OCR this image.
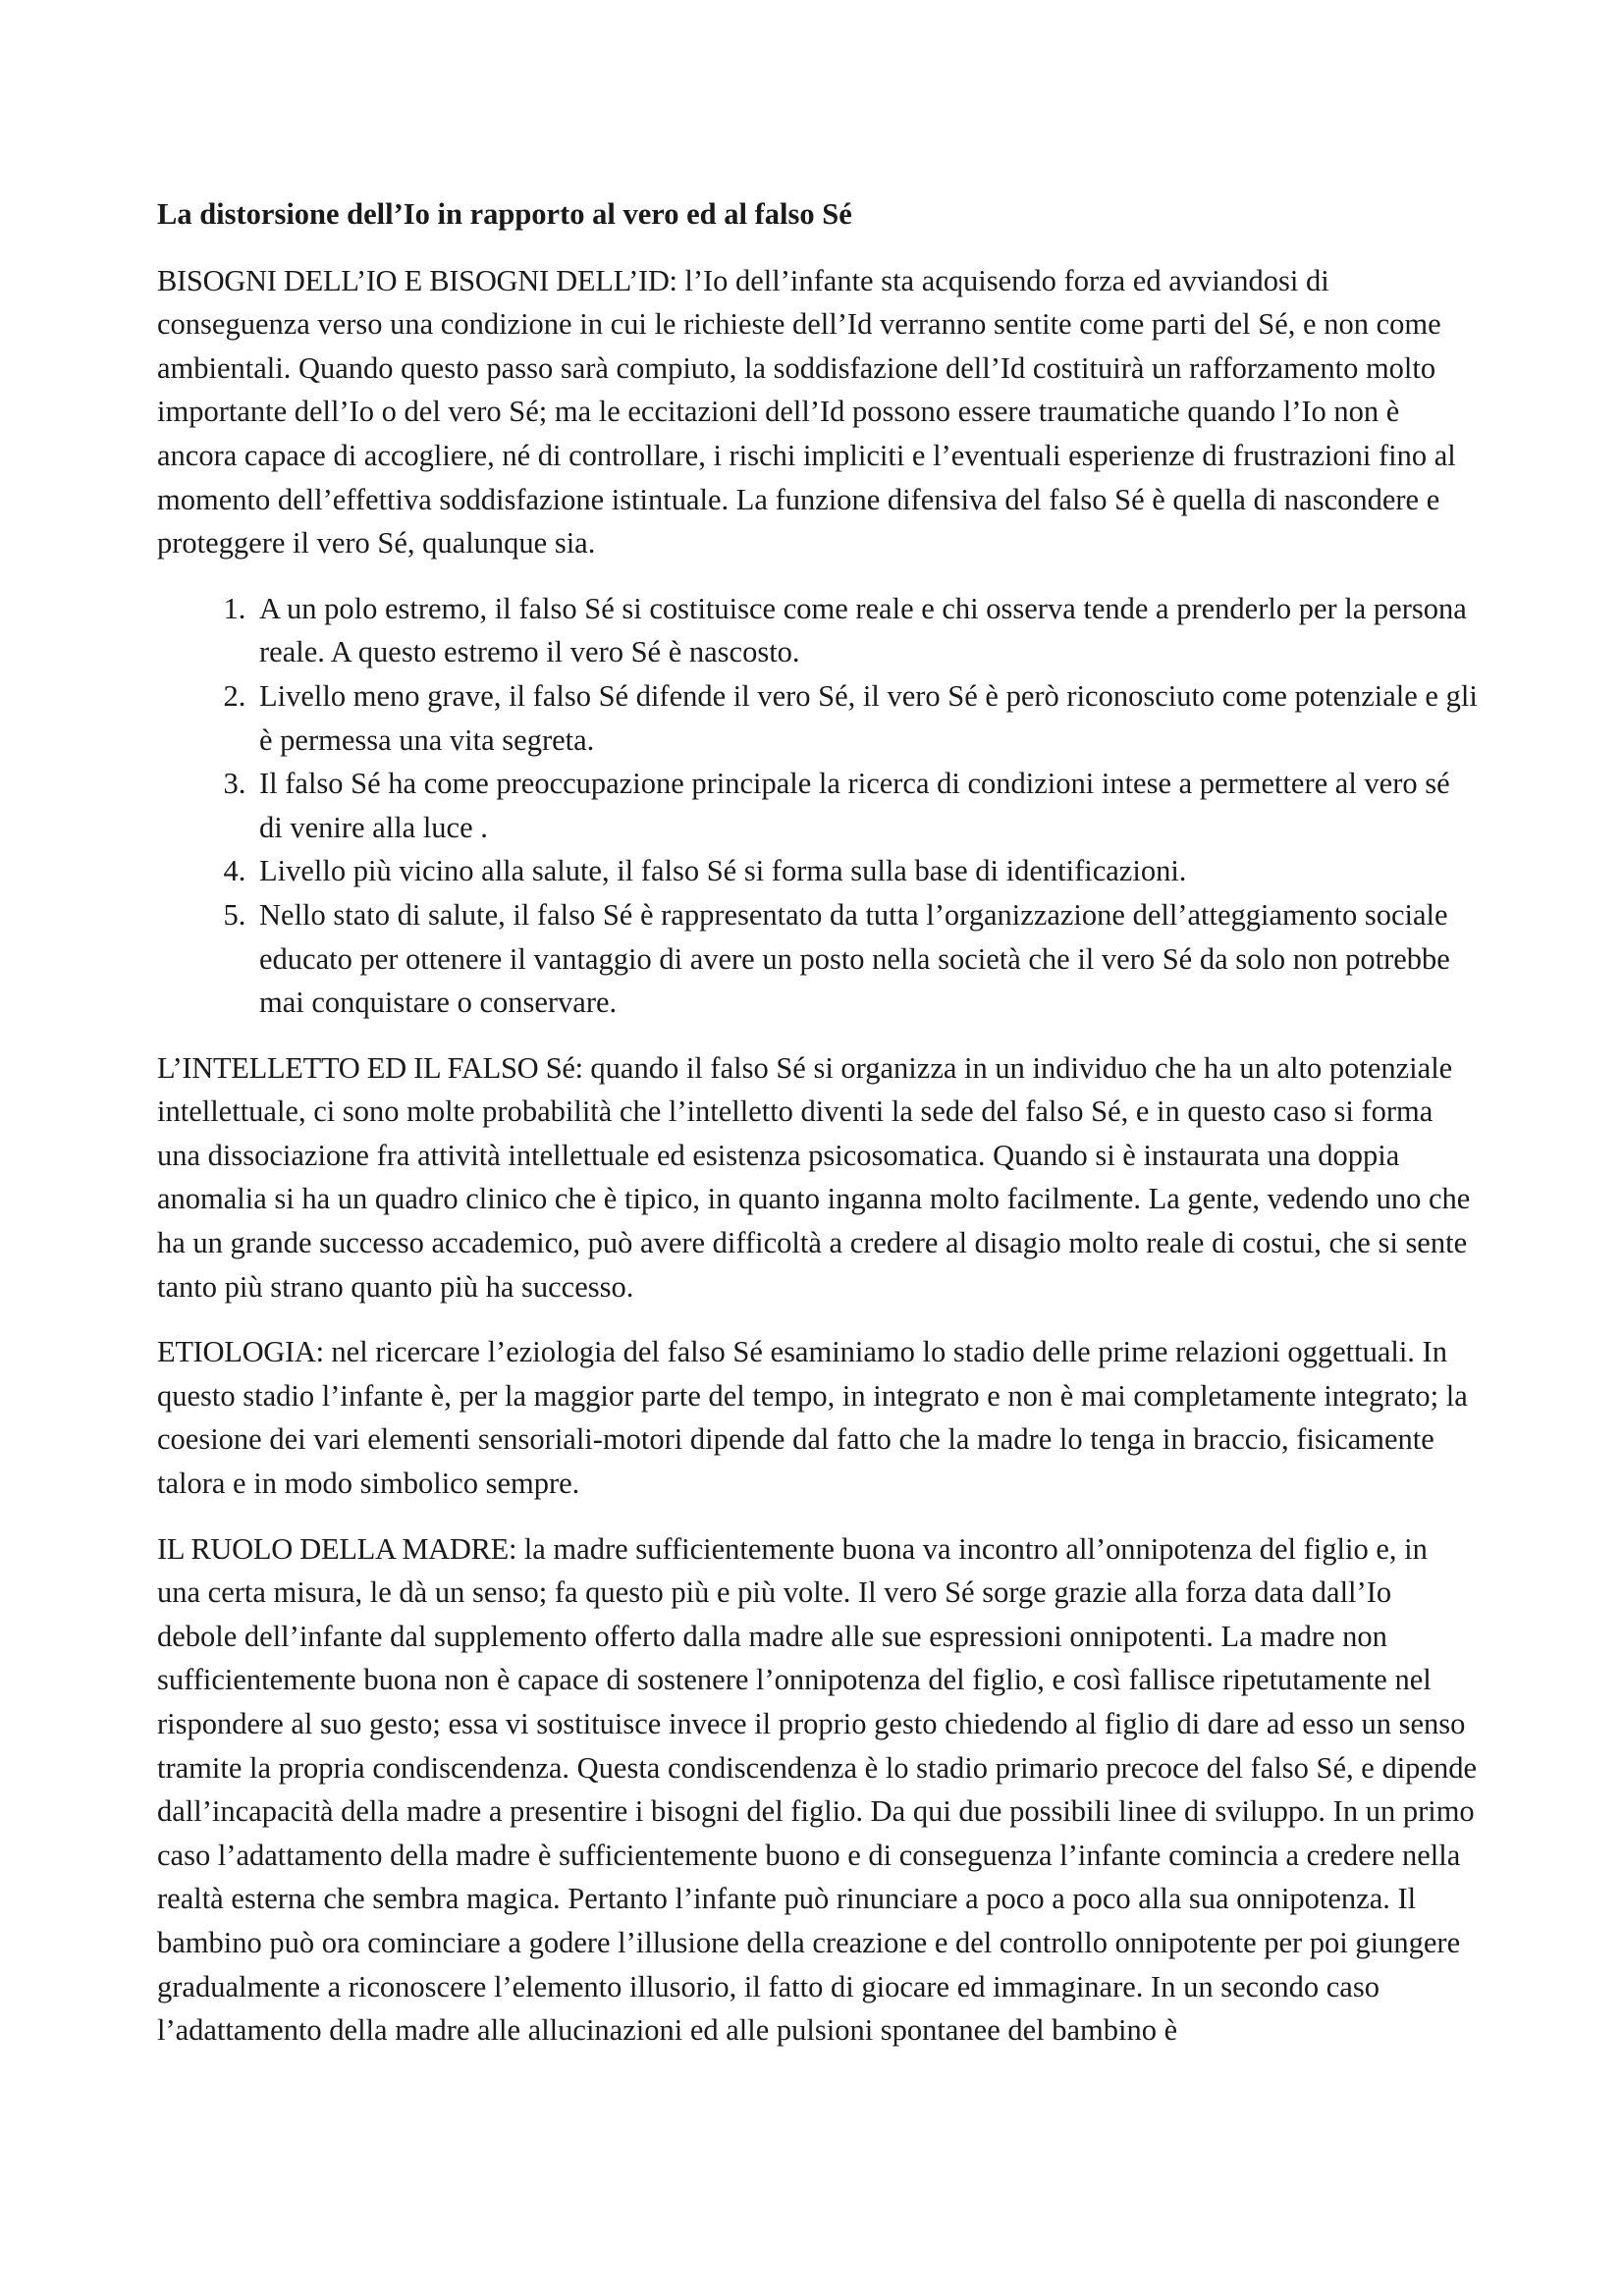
La distorsione dell’Io in rapporto al vero ed al falso Sé

BISOGNI DELL’IO E BISOGNI DELL’ID: l’Io dell’infante sta acquisendo forza ed avviandosi di conseguenza verso una condizione in cui le richieste dell’Id verranno sentite come parti del Sé, e non come ambientali. Quando questo passo sarà compiuto, la soddisfazione dell’Id costituirà un rafforzamento molto importante dell’Io o del vero Sé; ma le eccitazioni dell’Id possono essere traumatiche quando l’Io non è ancora capace di accogliere, né di controllare, i rischi impliciti e l’eventuali esperienze di frustrazioni fino al momento dell’effettiva soddisfazione istintuale. La funzione difensiva del falso Sé è quella di nascondere e proteggere il vero Sé, qualunque sia.

1. A un polo estremo, il falso Sé si costituisce come reale e chi osserva tende a prenderlo per la persona reale. A questo estremo il vero Sé è nascosto.
2. Livello meno grave, il falso Sé difende il vero Sé, il vero Sé è però riconosciuto come potenziale e gli è permessa una vita segreta.
3. Il falso Sé ha come preoccupazione principale la ricerca di condizioni intese a permettere al vero sé di venire alla luce .
4. Livello più vicino alla salute, il falso Sé si forma sulla base di identificazioni.
5. Nello stato di salute, il falso Sé è rappresentato da tutta l’organizzazione dell’atteggiamento sociale educato per ottenere il vantaggio di avere un posto nella società che il vero Sé da solo non potrebbe mai conquistare o conservare.

L’INTELLETTO ED IL FALSO Sé: quando il falso Sé si organizza in un individuo che ha un alto potenziale intellettuale, ci sono molte probabilità che l’intelletto diventi la sede del falso Sé, e in questo caso si forma una dissociazione fra attività intellettuale ed esistenza psicosomatica. Quando si è instaurata una doppia anomalia si ha un quadro clinico che è tipico, in quanto inganna molto facilmente. La gente, vedendo uno che ha un grande successo accademico, può avere difficoltà a credere al disagio molto reale di costui, che si sente tanto più strano quanto più ha successo.

ETIOLOGIA: nel ricercare l’eziologia del falso Sé esaminiamo lo stadio delle prime relazioni oggettuali. In questo stadio l’infante è, per la maggior parte del tempo, in integrato e non è mai completamente integrato; la coesione dei vari elementi sensoriali-motori dipende dal fatto che la madre lo tenga in braccio, fisicamente talora e in modo simbolico sempre.

IL RUOLO DELLA MADRE: la madre sufficientemente buona va incontro all’onnipotenza del figlio e, in una certa misura, le dà un senso; fa questo più e più volte. Il vero Sé sorge grazie alla forza data dall’Io debole dell’infante dal supplemento offerto dalla madre alle sue espressioni onnipotenti. La madre non sufficientemente buona non è capace di sostenere l’onnipotenza del figlio, e così fallisce ripetutamente nel rispondere al suo gesto; essa vi sostituisce invece il proprio gesto chiedendo al figlio di dare ad esso un senso tramite la propria condiscendenza. Questa condiscendenza è lo stadio primario precoce del falso Sé, e dipende dall’incapacità della madre a presentire i bisogni del figlio. Da qui due possibili linee di sviluppo. In un primo caso l’adattamento della madre è sufficientemente buono e di conseguenza l’infante comincia a credere nella realtà esterna che sembra magica. Pertanto l’infante può rinunciare a poco a poco alla sua onnipotenza. Il bambino può ora cominciare a godere l’illusione della creazione e del controllo onnipotente per poi giungere gradualmente a riconoscere l’elemento illusorio, il fatto di giocare ed immaginare. In un secondo caso l’adattamento della madre alle allucinazioni ed alle pulsioni spontanee del bambino è
